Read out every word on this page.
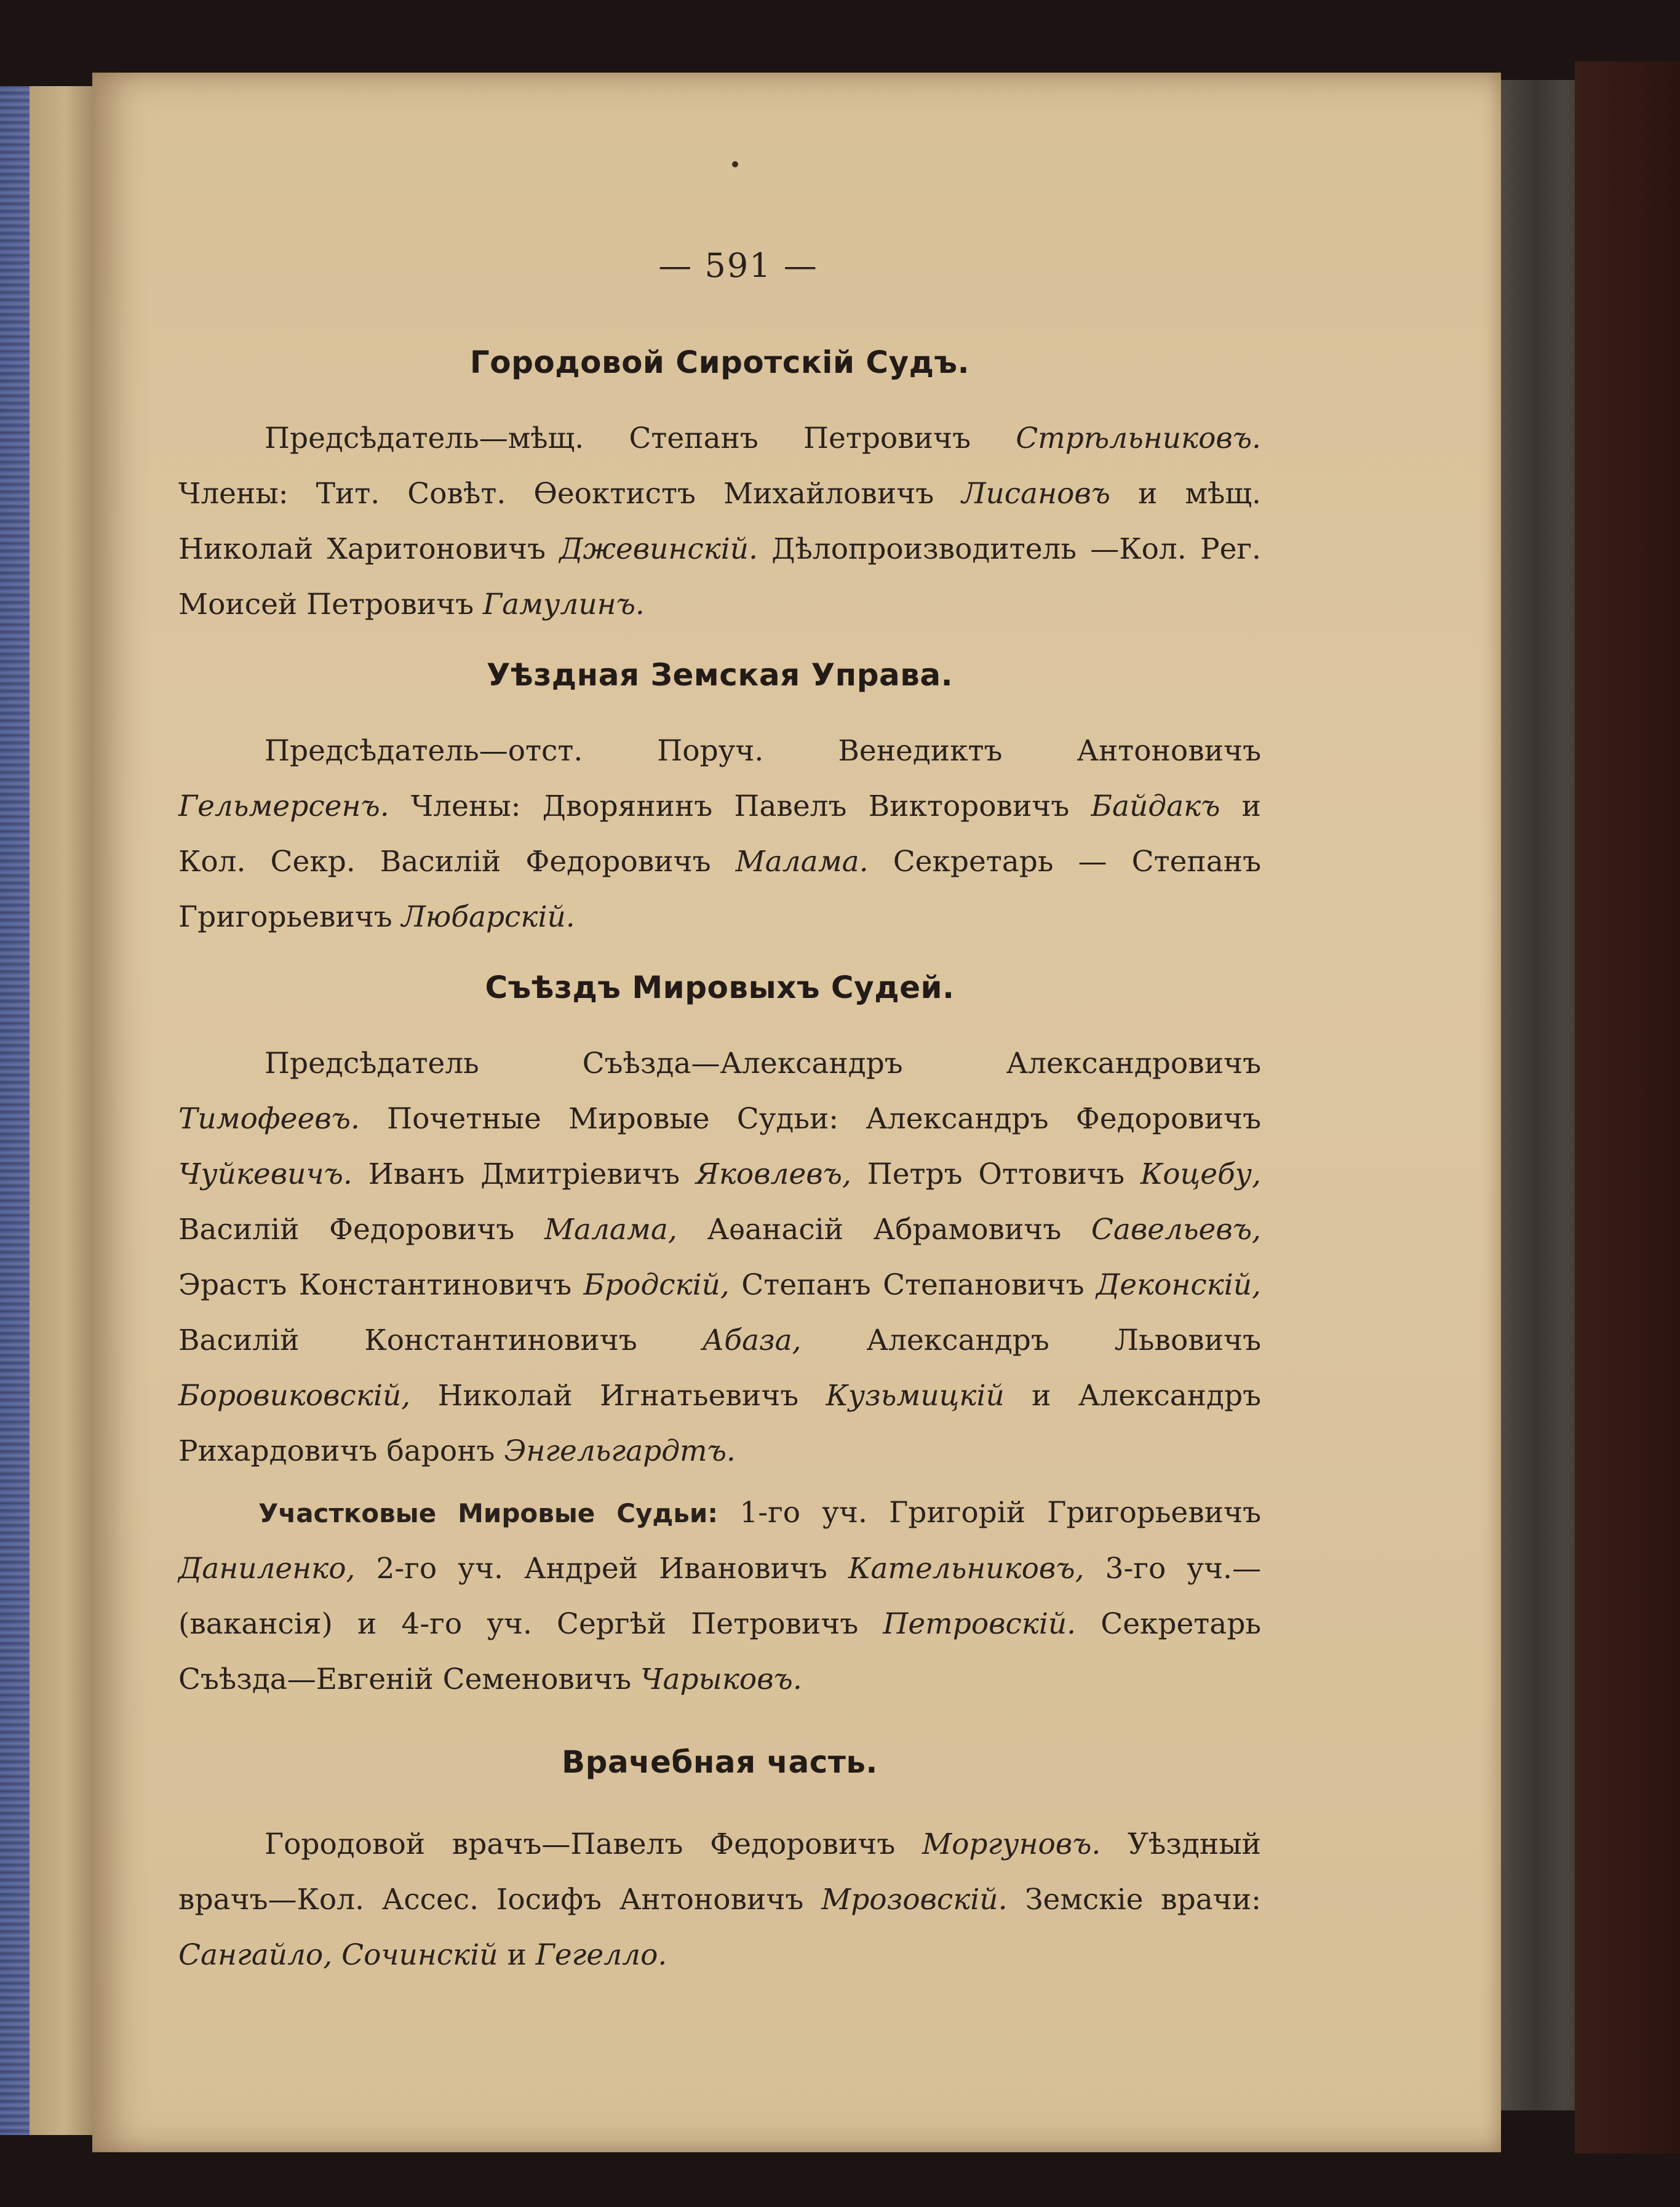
— 591 —
Городовой Сиротскій Судъ.

Предсѣдатель—мѣщ. Степанъ Петровичъ Стрѣльниковъ. Члены: Тит. Совѣт. Ѳеоктистъ Михайловичъ Лисановъ и мѣщ. Николай Харитоновичъ Джевинскій. Дѣлопроизводитель —Кол. Рег. Моисей Петровичъ Гамулинъ.

Уѣздная Земская Управа.

Предсѣдатель—отст. Поруч. Венедиктъ Антоновичъ Гельмерсенъ. Члены: Дворянинъ Павелъ Викторовичъ Байдакъ и Кол. Секр. Василій Федоровичъ Малама. Секретарь — Степанъ Григорьевичъ Любарскій.

Съѣздъ Мировыхъ Судей.

Предсѣдатель Съѣзда—Александръ Александровичъ Тимофеевъ. Почетные Мировые Судьи: Александръ Федоровичъ Чуйкевичъ. Иванъ Дмитріевичъ Яковлевъ, Петръ Оттовичъ Коцебу, Василій Федоровичъ Малама, Аѳанасій Абрамовичъ Савельевъ, Эрастъ Константиновичъ Бродскій, Степанъ Степановичъ Деконскій, Василій Константиновичъ Абаза, Александръ Львовичъ Боровиковскій, Николай Игнатьевичъ Кузьмицкій и Александръ Рихардовичъ баронъ Энгельгардтъ.

Участковые Мировые Судьи: 1-го уч. Григорій Григорьевичъ Даниленко, 2-го уч. Андрей Ивановичъ Кательниковъ, 3-го уч.—(вакансія) и 4-го уч. Сергѣй Петровичъ Петровскій. Секретарь Съѣзда—Евгеній Семеновичъ Чарыковъ.

Врачебная часть.

Городовой врачъ—Павелъ Федоровичъ Моргуновъ. Уѣздный врачъ—Кол. Ассес. Іосифъ Антоновичъ Мрозовскій. Земскіе врачи: Сангайло, Сочинскій и Гегелло.
